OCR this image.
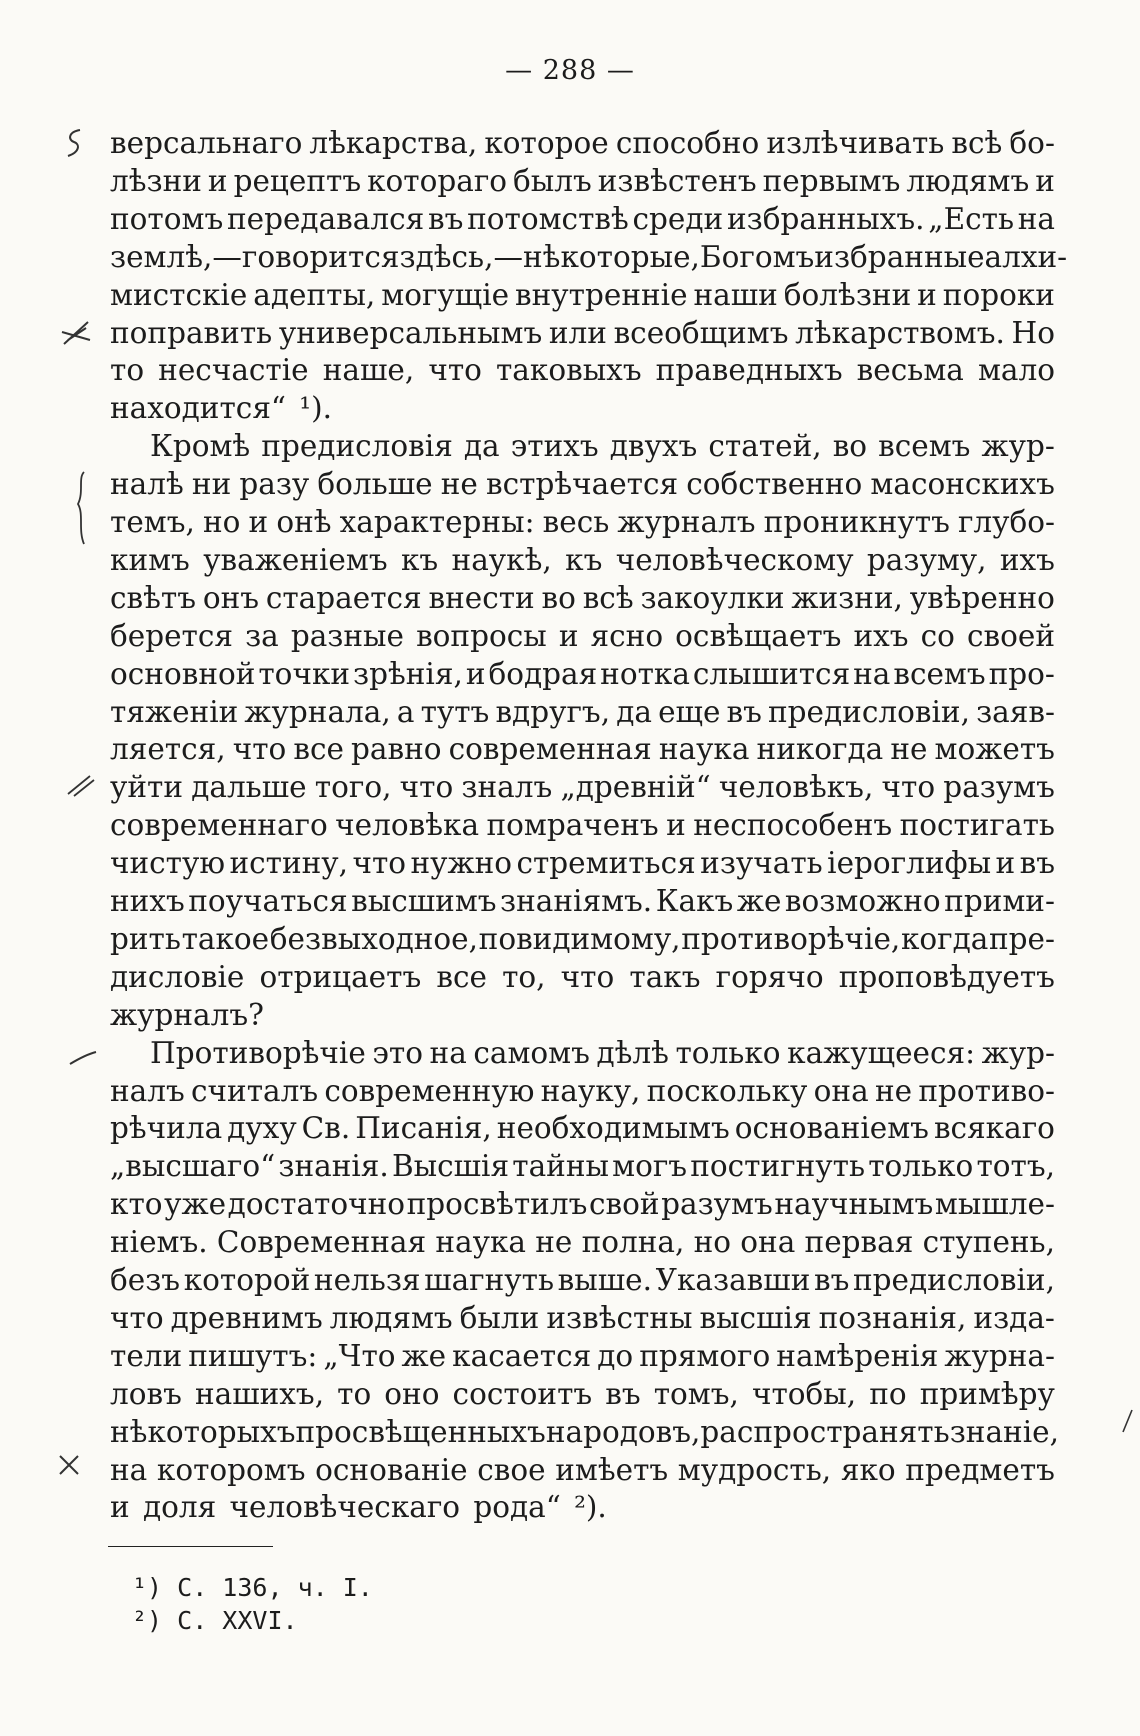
— 288 —
версальнаго лѣкарства, которое способно излѣчивать всѣ бо-
лѣзни и рецептъ котораго былъ извѣстенъ первымъ людямъ и
потомъ передавался въ потомствѣ среди избранныхъ. „Есть на
землѣ,—говорится здѣсь,—нѣкоторые, Богомъ избранные алхи-
мистскіе адепты, могущіе внутренніе наши болѣзни и пороки
поправить универсальнымъ или всеобщимъ лѣкарствомъ. Но
то несчастіе наше, что таковыхъ праведныхъ весьма мало
находится“ ¹).
Кромѣ предисловія да этихъ двухъ статей, во всемъ жур-
налѣ ни разу больше не встрѣчается собственно масонскихъ
темъ, но и онѣ характерны: весь журналъ проникнутъ глубо-
кимъ уваженіемъ къ наукѣ, къ человѣческому разуму, ихъ
свѣтъ онъ старается внести во всѣ закоулки жизни, увѣренно
берется за разные вопросы и ясно освѣщаетъ ихъ со своей
основной точки зрѣнія, и бодрая нотка слышится на всемъ про-
тяженіи журнала, а тутъ вдругъ, да еще въ предисловіи, заяв-
ляется, что все равно современная наука никогда не можетъ
уйти дальше того, что зналъ „древній“ человѣкъ, что разумъ
современнаго человѣка помраченъ и неспособенъ постигать
чистую истину, что нужно стремиться изучать іероглифы и въ
нихъ поучаться высшимъ знаніямъ. Какъ же возможно прими-
рить такое безвыходное, повидимому, противорѣчіе, когда пре-
дисловіе отрицаетъ все то, что такъ горячо проповѣдуетъ
журналъ?
Противорѣчіе это на самомъ дѣлѣ только кажущееся: жур-
налъ считалъ современную науку, поскольку она не противо-
рѣчила духу Св. Писанія, необходимымъ основаніемъ всякаго
„высшаго“ знанія. Высшія тайны могъ постигнуть только тотъ,
кто уже достаточно просвѣтилъ свой разумъ научнымъ мышле-
ніемъ. Современная наука не полна, но она первая ступень,
безъ которой нельзя шагнуть выше. Указавши въ предисловіи,
что древнимъ людямъ были извѣстны высшія познанія, изда-
тели пишутъ: „Что же касается до прямого намѣренія журна-
ловъ нашихъ, то оно состоитъ въ томъ, чтобы, по примѣру
нѣкоторыхъ просвѣщенныхъ народовъ, распространять знаніе,
на которомъ основаніе свое имѣетъ мудрость, яко предметъ
и доля человѣческаго рода“ ²).
¹) С. 136, ч. I.
²) С. XXVI.
